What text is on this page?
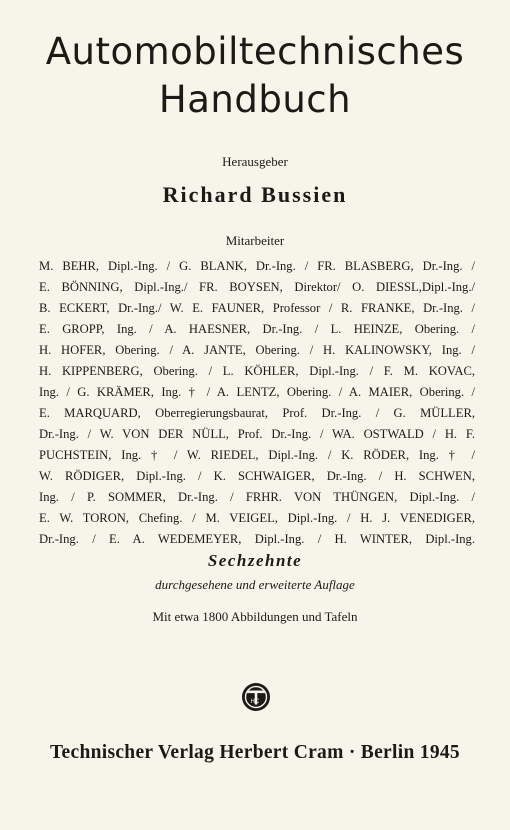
Automobiltechnisches
Handbuch
Herausgeber
Richard Bussien
Mitarbeiter
M. BEHR, Dipl.-Ing. / G. BLANK, Dr.-Ing. / FR. BLASBERG, Dr.-Ing. /
E. BÖNNING, Dipl.-Ing./ FR. BOYSEN, Direktor/ O. DIESSL,Dipl.-Ing./
B. ECKERT, Dr.-Ing./ W. E. FAUNER, Professor / R. FRANKE, Dr.-Ing. /
E. GROPP, Ing. / A. HAESNER, Dr.-Ing. / L. HEINZE, Obering. /
H. HOFER, Obering. / A. JANTE, Obering. / H. KALINOWSKY, Ing. /
H. KIPPENBERG, Obering. / L. KÖHLER, Dipl.-Ing. / F. M. KOVAC,
Ing. / G. KRÄMER, Ing. † / A. LENTZ, Obering. / A. MAIER, Obering. /
E. MARQUARD, Oberregierungsbaurat, Prof. Dr.-Ing. / G. MÜLLER,
Dr.-Ing. / W. VON DER NÜLL, Prof. Dr.-Ing. / WA. OSTWALD / H. F.
PUCHSTEIN, Ing. † / W. RIEDEL, Dipl.-Ing. / K. RÖDER, Ing. † /
W. RÖDIGER, Dipl.-Ing. / K. SCHWAIGER, Dr.-Ing. / H. SCHWEN,
Ing. / P. SOMMER, Dr.-Ing. / FRHR. VON THÜNGEN, Dipl.-Ing. /
E. W. TORON, Chefing. / M. VEIGEL, Dipl.-Ing. / H. J. VENEDIGER,
Dr.-Ing. / E. A. WEDEMEYER, Dipl.-Ing. / H. WINTER, Dipl.-Ing.
Sechzehnte
durchgesehene und erweiterte Auflage
Mit etwa 1800 Abbildungen und Tafeln
HC
Technischer Verlag Herbert Cram · Berlin 1945
